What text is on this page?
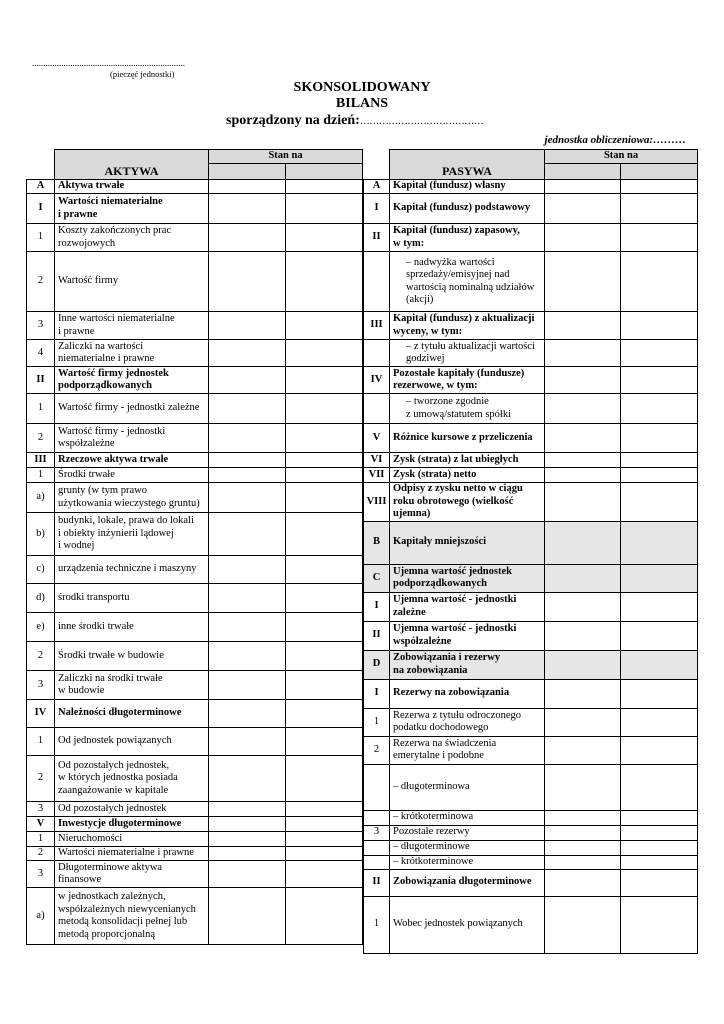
....................................................................
(pieczęć jednostki)
SKONSOLIDOWANY
BILANS
sporządzony na dzień:…………………………………
jednostka obliczeniowa:………
	AKTYWA	Stan na	

A	Aktywa trwałe		
I	Wartości niematerialne
i prawne		
1	Koszty zakończonych prac
rozwojowych		
2	Wartość firmy		
3	Inne wartości niematerialne
i prawne		
4	Zaliczki na wartości
niematerialne i prawne		
II	Wartość firmy jednostek
podporządkowanych		
1	Wartość firmy - jednostki zależne		
2	Wartość firmy - jednostki
współzależne		
III	Rzeczowe aktywa trwałe		
1	Środki trwałe		
a)	grunty (w tym prawo
użytkowania wieczystego gruntu)		
b)	budynki, lokale, prawa do lokali
i obiekty inżynierii lądowej
i wodnej		
c)	urządzenia techniczne i maszyny		
d)	środki transportu		
e)	inne środki trwałe		
2	Środki trwałe w budowie		
3	Zaliczki na środki trwałe
w budowie		
IV	Należności długoterminowe		
1	Od jednostek powiązanych		
2	Od pozostałych jednostek,
w których jednostka posiada
zaangażowanie w kapitale		
3	Od pozostałych jednostek		
V	Inwestycje długoterminowe		
1	Nieruchomości		
2	Wartości niematerialne i prawne		
3	Długoterminowe aktywa
finansowe		
a)	w jednostkach zależnych,
współzależnych niewycenianych
metodą konsolidacji pełnej lub
metodą proporcjonalną		
	PASYWA	Stan na	

A	Kapitał (fundusz) własny		
I	Kapitał (fundusz) podstawowy		
II	Kapitał (fundusz) zapasowy,
w tym:		
	– nadwyżka wartości
sprzedaży/emisyjnej nad
wartością nominalną udziałów
(akcji)		
III	Kapitał (fundusz) z aktualizacji
wyceny, w tym:		
	– z tytułu aktualizacji wartości
godziwej		
IV	Pozostałe kapitały (fundusze)
rezerwowe, w tym:		
	– tworzone zgodnie
z umową/statutem spółki		
V	Różnice kursowe z przeliczenia		
VI	Zysk (strata) z lat ubiegłych		
VII	Zysk (strata) netto		
VIII	Odpisy z zysku netto w ciągu
roku obrotowego (wielkość
ujemna)		
B	Kapitały mniejszości		
C	Ujemna wartość jednostek
podporządkowanych		
I	Ujemna wartość - jednostki
zależne		
II	Ujemna wartość - jednostki
współzależne		
D	Zobowiązania i rezerwy
na zobowiązania		
I	Rezerwy na zobowiązania		
1	Rezerwa z tytułu odroczonego
podatku dochodowego		
2	Rezerwa na świadczenia
emerytalne i podobne		
	– długoterminowa		
	– krótkoterminowa		
3	Pozostałe rezerwy		
	– długoterminowe		
	– krótkoterminowe		
II	Zobowiązania długoterminowe		
1	Wobec jednostek powiązanych		
